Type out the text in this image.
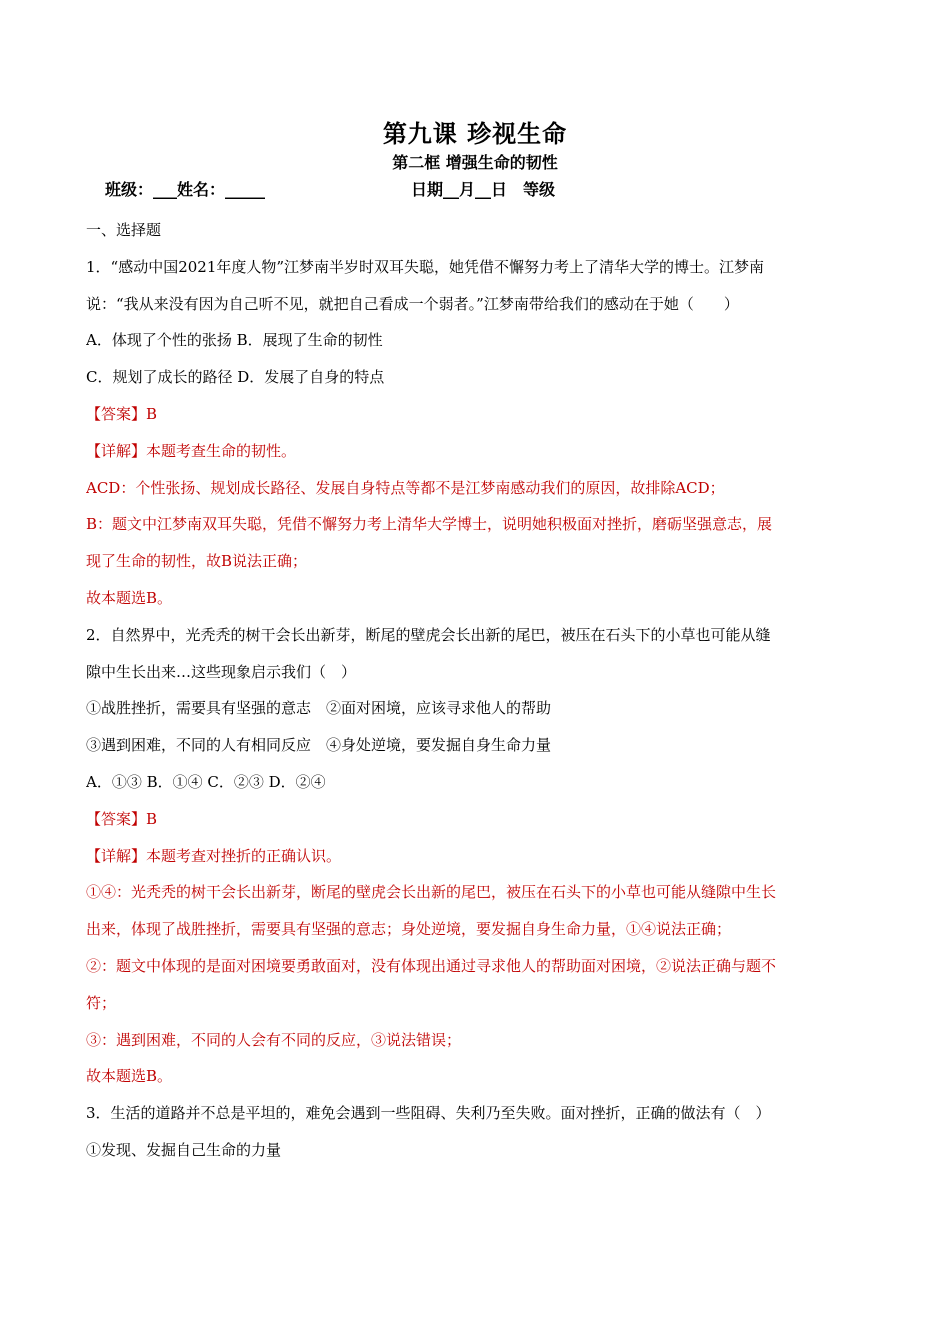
第九课 珍视生命
第二框 增强生命的韧性
班级：___姓名：_____	日期__月__日　等级
一、选择题
1．“感动中国2021年度人物”江梦南半岁时双耳失聪，她凭借不懈努力考上了清华大学的博士。江梦南
说：“我从来没有因为自己听不见，就把自己看成一个弱者。”江梦南带给我们的感动在于她（　　）
A．体现了个性的张扬 B．展现了生命的韧性
C．规划了成长的路径 D．发展了自身的特点
【答案】B
【详解】本题考查生命的韧性。
ACD：个性张扬、规划成长路径、发展自身特点等都不是江梦南感动我们的原因，故排除ACD；
B：题文中江梦南双耳失聪，凭借不懈努力考上清华大学博士，说明她积极面对挫折，磨砺坚强意志，展
现了生命的韧性，故B说法正确；
故本题选B。
2．自然界中，光秃秃的树干会长出新芽，断尾的壁虎会长出新的尾巴，被压在石头下的小草也可能从缝
隙中生长出来…这些现象启示我们（　）
①战胜挫折，需要具有坚强的意志　②面对困境，应该寻求他人的帮助
③遇到困难，不同的人有相同反应　④身处逆境，要发掘自身生命力量
A．①③ B．①④ C．②③ D．②④
【答案】B
【详解】本题考查对挫折的正确认识。
①④：光秃秃的树干会长出新芽，断尾的壁虎会长出新的尾巴，被压在石头下的小草也可能从缝隙中生长
出来，体现了战胜挫折，需要具有坚强的意志；身处逆境，要发掘自身生命力量，①④说法正确；
②：题文中体现的是面对困境要勇敢面对，没有体现出通过寻求他人的帮助面对困境，②说法正确与题不
符；
③：遇到困难，不同的人会有不同的反应，③说法错误；
故本题选B。
3．生活的道路并不总是平坦的，难免会遇到一些阻碍、失利乃至失败。面对挫折，正确的做法有（　）
①发现、发掘自己生命的力量
